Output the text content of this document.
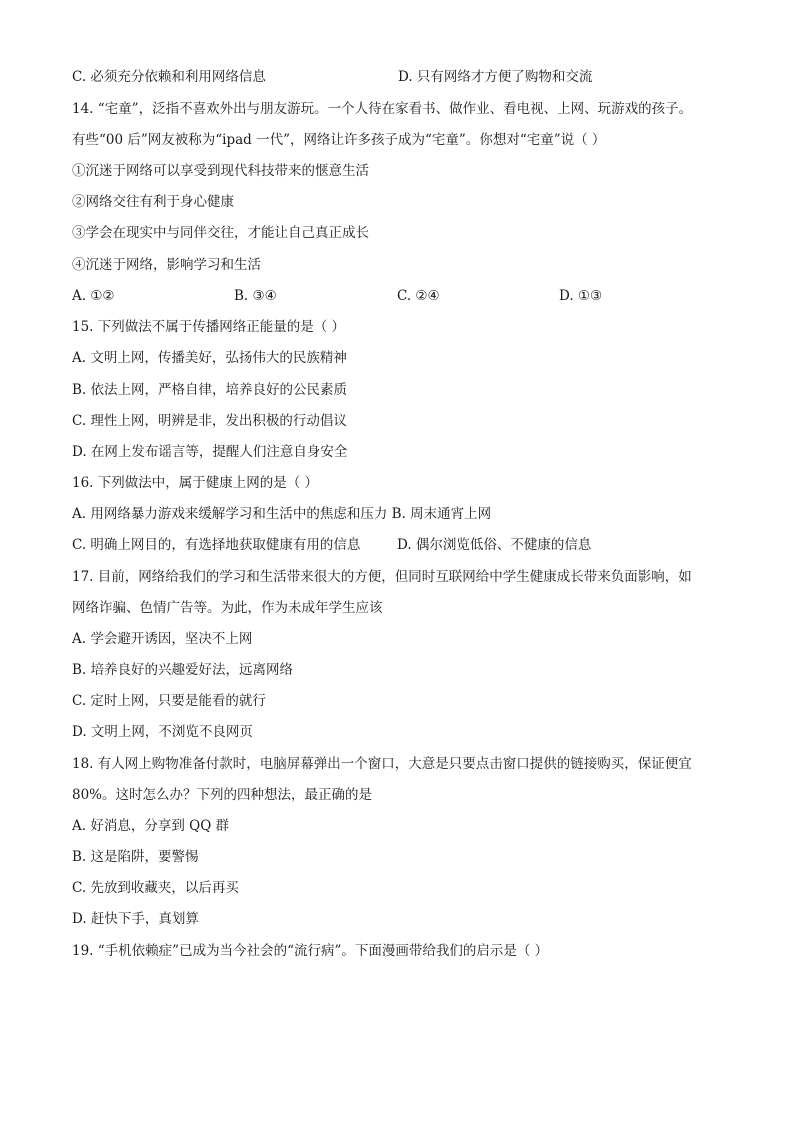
C. 必须充分依赖和利用网络信息	D. 只有网络才方便了购物和交流
14. “宅童”，泛指不喜欢外出与朋友游玩。一个人待在家看书、做作业、看电视、上网、玩游戏的孩子。
有些“00 后”网友被称为“ipad 一代”，网络让许多孩子成为“宅童”。你想对“宅童”说（ ）
①沉迷于网络可以享受到现代科技带来的惬意生活
②网络交往有利于身心健康
③学会在现实中与同伴交往，才能让自己真正成长
④沉迷于网络，影响学习和生活
A. ①②	B. ③④	C. ②④	D. ①③
15. 下列做法不属于传播网络正能量的是（ ）
A. 文明上网，传播美好，弘扬伟大的民族精神
B. 依法上网，严格自律，培养良好的公民素质
C. 理性上网，明辨是非，发出积极的行动倡议
D. 在网上发布谣言等，提醒人们注意自身安全
16. 下列做法中，属于健康上网的是（ ）
A. 用网络暴力游戏来缓解学习和生活中的焦虑和压力 B. 周末通宵上网
C. 明确上网目的，有选择地获取健康有用的信息	D. 偶尔浏览低俗、不健康的信息
17. 目前，网络给我们的学习和生活带来很大的方便，但同时互联网给中学生健康成长带来负面影响，如
网络诈骗、色情广告等。为此，作为未成年学生应该
A. 学会避开诱因，坚决不上网
B. 培养良好的兴趣爱好法，远离网络
C. 定时上网，只要是能看的就行
D. 文明上网，不浏览不良网页
18. 有人网上购物准备付款时，电脑屏幕弹出一个窗口，大意是只要点击窗口提供的链接购买，保证便宜
80%。这时怎么办？下列的四种想法，最正确的是
A. 好消息，分享到 QQ 群
B. 这是陷阱，要警惕
C. 先放到收藏夹，以后再买
D. 赶快下手，真划算
19. “手机依赖症”已成为当今社会的“流行病”。下面漫画带给我们的启示是（ ）
